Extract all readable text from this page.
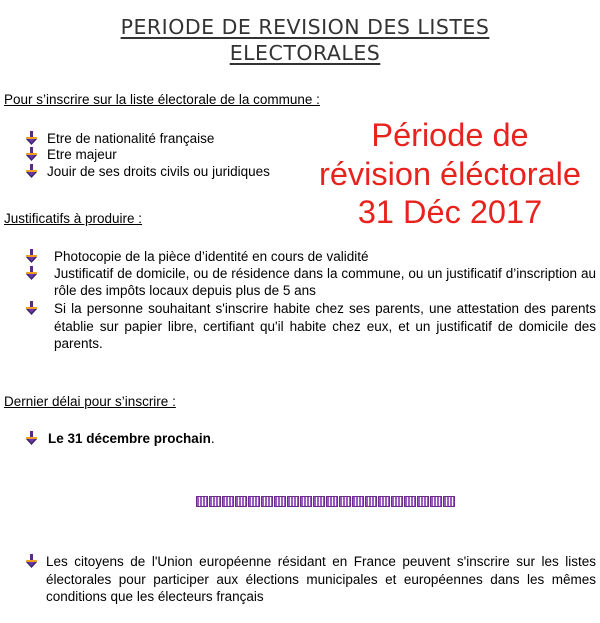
PERIODE DE REVISION DES LISTES
ELECTORALES
Pour s’inscrire sur la liste électorale de la commune :
Etre de nationalité française
Etre majeur
Jouir de ses droits civils ou juridiques
Période de
révision éléctorale
31 Déc 2017
Justificatifs à produire :
Photocopie de la pièce d’identité en cours de validité
Justificatif de domicile, ou de résidence dans la commune, ou un justificatif d’inscription au rôle des impôts locaux depuis plus de 5 ans
Si la personne souhaitant s'inscrire habite chez ses parents, une attestation des parents établie sur papier libre, certifiant qu'il habite chez eux, et un justificatif de domicile des parents.
Dernier délai pour s’inscrire :
Le 31 décembre prochain.
Les citoyens de l'Union européenne résidant en France peuvent s'inscrire sur les listes électorales pour participer aux élections municipales et européennes dans les mêmes conditions que les électeurs français
